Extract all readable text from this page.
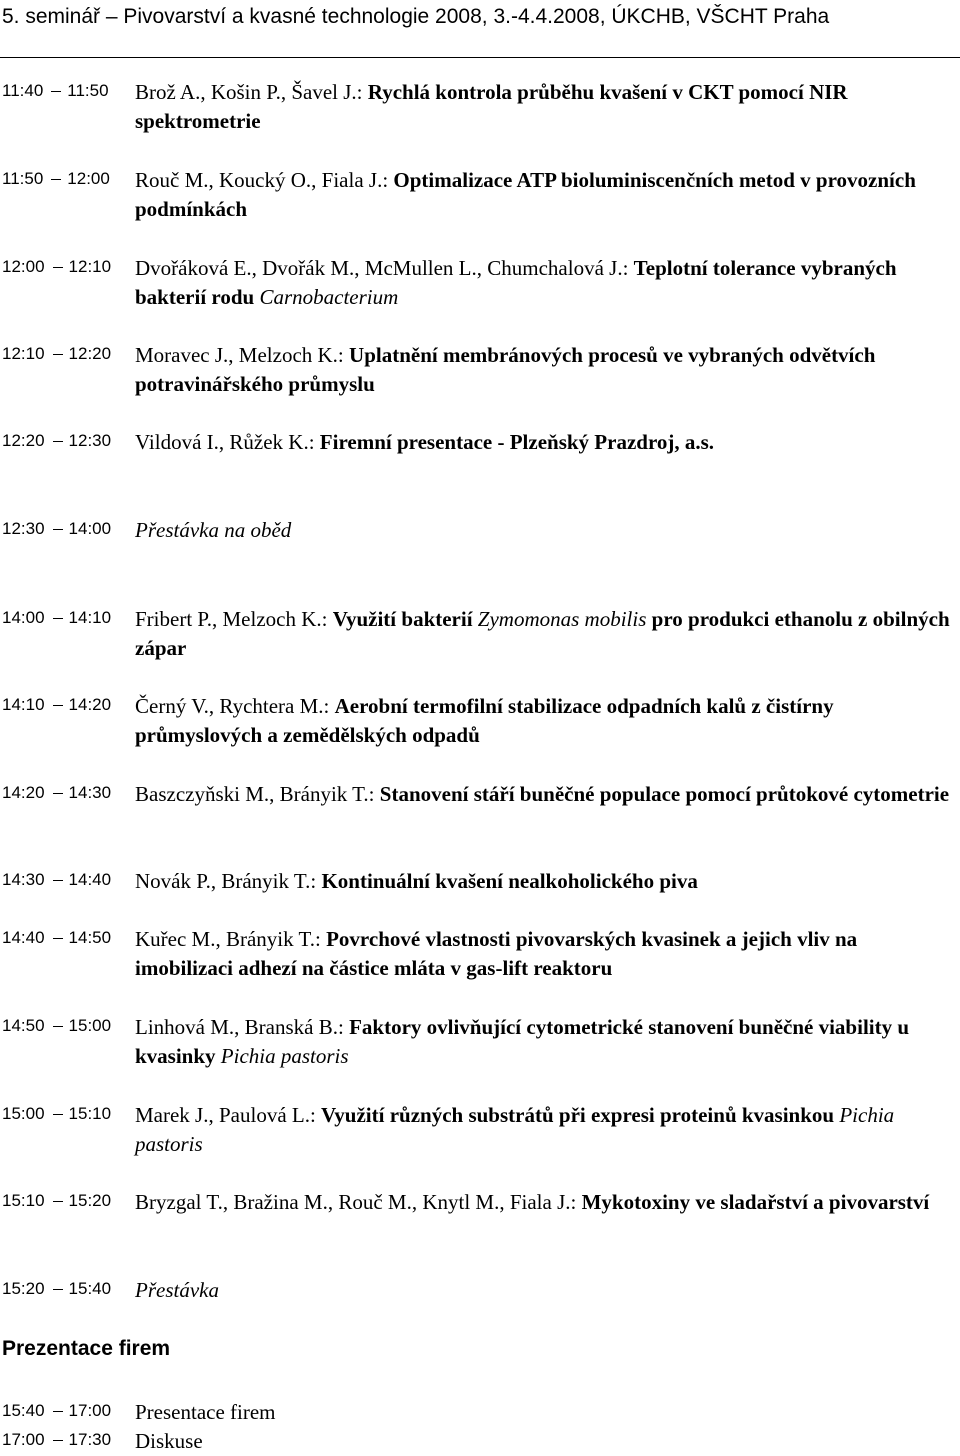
5. seminář – Pivovarství a kvasné technologie 2008, 3.-4.4.2008, ÚKCHB, VŠCHT Praha
11:40 11:50	Brož A., Košin P., Šavel J.: Rychlá kontrola průběhu kvašení v CKT pomocí NIR spektrometrie
11:50 12:00	Rouč M., Koucký O., Fiala J.: Optimalizace ATP bioluminiscenčních metod v provozních podmínkách
12:00 12:10	Dvořáková E., Dvořák M., McMullen L., Chumchalová J.: Teplotní tolerance vybraných bakterií rodu Carnobacterium
12:10 12:20	Moravec J., Melzoch K.: Uplatnění membránových procesů ve vybraných odvětvích potravinářského průmyslu
12:20 12:30	Vildová I., Růžek K.: Firemní presentace - Plzeňský Prazdroj, a.s.
12:30 14:00	Přestávka na oběd
14:00 14:10	Fribert P., Melzoch K.: Využití bakterií Zymomonas mobilis pro produkci ethanolu z obilných zápar
14:10 14:20	Černý V., Rychtera M.: Aerobní termofilní stabilizace odpadních kalů z čistírny průmyslových a zemědělských odpadů
14:20 14:30	Baszczyňski M., Brányik T.: Stanovení stáří buněčné populace pomocí průtokové cytometrie
14:30 14:40	Novák P., Brányik T.: Kontinuální kvašení nealkoholického piva
14:40 14:50	Kuřec M., Brányik T.: Povrchové vlastnosti pivovarských kvasinek a jejich vliv na imobilizaci adhezí na částice mláta v gas-lift reaktoru
14:50 15:00	Linhová M., Branská B.: Faktory ovlivňující cytometrické stanovení buněčné viability u kvasinky Pichia pastoris
15:00 15:10	Marek J., Paulová L.: Využití různých substrátů při expresi proteinů kvasinkou Pichia pastoris
15:10 15:20	Bryzgal T., Bražina M., Rouč M., Knytl M., Fiala J.: Mykotoxiny ve sladařství a pivovarství
15:20 15:40	Přestávka
Prezentace firem
15:40 17:00	Presentace firem
17:00 17:30	Diskuse
